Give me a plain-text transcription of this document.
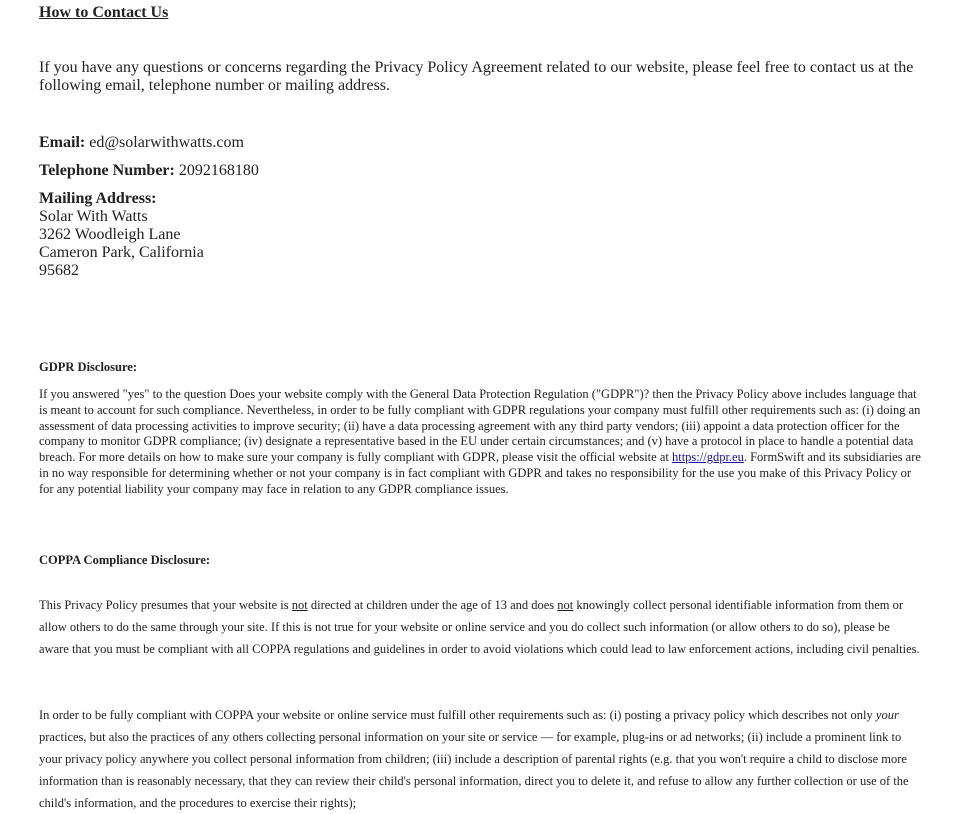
How to Contact Us

If you have any questions or concerns regarding the Privacy Policy Agreement related to our website, please feel free to contact us at the following email, telephone number or mailing address.

Email: ed@solarwithwatts.com

Telephone Number: 2092168180

Mailing Address:
Solar With Watts
3262 Woodleigh Lane
Cameron Park, California
95682
GDPR Disclosure:

If you answered "yes" to the question Does your website comply with the General Data Protection Regulation ("GDPR")? then the Privacy Policy above includes language that is meant to account for such compliance. Nevertheless, in order to be fully compliant with GDPR regulations your company must fulfill other requirements such as: (i) doing an assessment of data processing activities to improve security; (ii) have a data processing agreement with any third party vendors; (iii) appoint a data protection officer for the company to monitor GDPR compliance; (iv) designate a representative based in the EU under certain circumstances; and (v) have a protocol in place to handle a potential data breach. For more details on how to make sure your company is fully compliant with GDPR, please visit the official website at https://gdpr.eu. FormSwift and its subsidiaries are in no way responsible for determining whether or not your company is in fact compliant with GDPR and takes no responsibility for the use you make of this Privacy Policy or for any potential liability your company may face in relation to any GDPR compliance issues.

COPPA Compliance Disclosure:

This Privacy Policy presumes that your website is not directed at children under the age of 13 and does not knowingly collect personal identifiable information from them or allow others to do the same through your site. If this is not true for your website or online service and you do collect such information (or allow others to do so), please be aware that you must be compliant with all COPPA regulations and guidelines in order to avoid violations which could lead to law enforcement actions, including civil penalties.

In order to be fully compliant with COPPA your website or online service must fulfill other requirements such as: (i) posting a privacy policy which describes not only your practices, but also the practices of any others collecting personal information on your site or service — for example, plug-ins or ad networks; (ii) include a prominent link to your privacy policy anywhere you collect personal information from children; (iii) include a description of parental rights (e.g. that you won't require a child to disclose more information than is reasonably necessary, that they can review their child's personal information, direct you to delete it, and refuse to allow any further collection or use of the child's information, and the procedures to exercise their rights);
